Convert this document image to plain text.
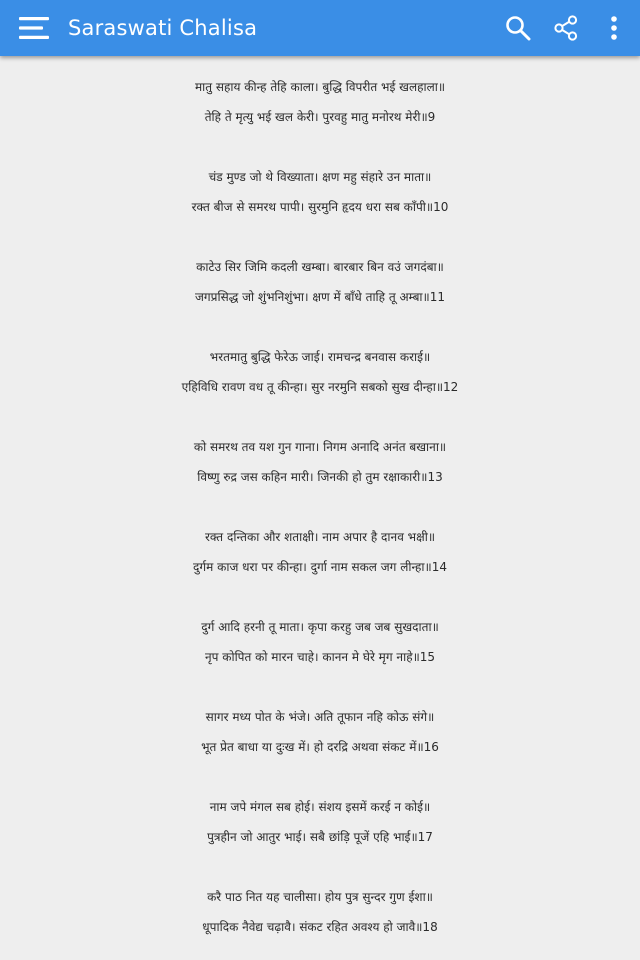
Saraswati Chalisa
मातु सहाय कीन्ह तेहि काला। बुद्धि विपरीत भई खलहाला॥
तेहि ते मृत्यु भई खल केरी। पुरवहु मातु मनोरथ मेरी॥9
चंड मुण्ड जो थे विख्याता। क्षण महु संहारे उन माता॥
रक्त बीज से समरथ पापी। सुरमुनि हृदय धरा सब काँपी॥10
काटेउ सिर जिमि कदली खम्बा। बारबार बिन वउं जगदंबा॥
जगप्रसिद्ध जो शुंभनिशुंभा। क्षण में बाँधे ताहि तू अम्बा॥11
भरतमातु बुद्धि फेरेऊ जाई। रामचन्द्र बनवास कराई॥
एहिविधि रावण वध तू कीन्हा। सुर नरमुनि सबको सुख दीन्हा॥12
को समरथ तव यश गुन गाना। निगम अनादि अनंत बखाना॥
विष्णु रुद्र जस कहिन मारी। जिनकी हो तुम रक्षाकारी॥13
रक्त दन्तिका और शताक्षी। नाम अपार है दानव भक्षी॥
दुर्गम काज धरा पर कीन्हा। दुर्गा नाम सकल जग लीन्हा॥14
दुर्ग आदि हरनी तू माता। कृपा करहु जब जब सुखदाता॥
नृप कोपित को मारन चाहे। कानन मे घेरे मृग नाहे॥15
सागर मध्य पोत के भंजे। अति तूफान नहि कोऊ संगे॥
भूत प्रेत बाधा या दुःख में। हो दरद्रि अथवा संकट में॥16
नाम जपे मंगल सब होई। संशय इसमें करई न कोई॥
पुत्रहीन जो आतुर भाई। सबै छांड़ि पूजें एहि भाई॥17
करै पाठ नित यह चालीसा। होय पुत्र सुन्दर गुण ईशा॥
धूपादिक नैवेद्य चढ़ावै। संकट रहित अवश्य हो जावै॥18
